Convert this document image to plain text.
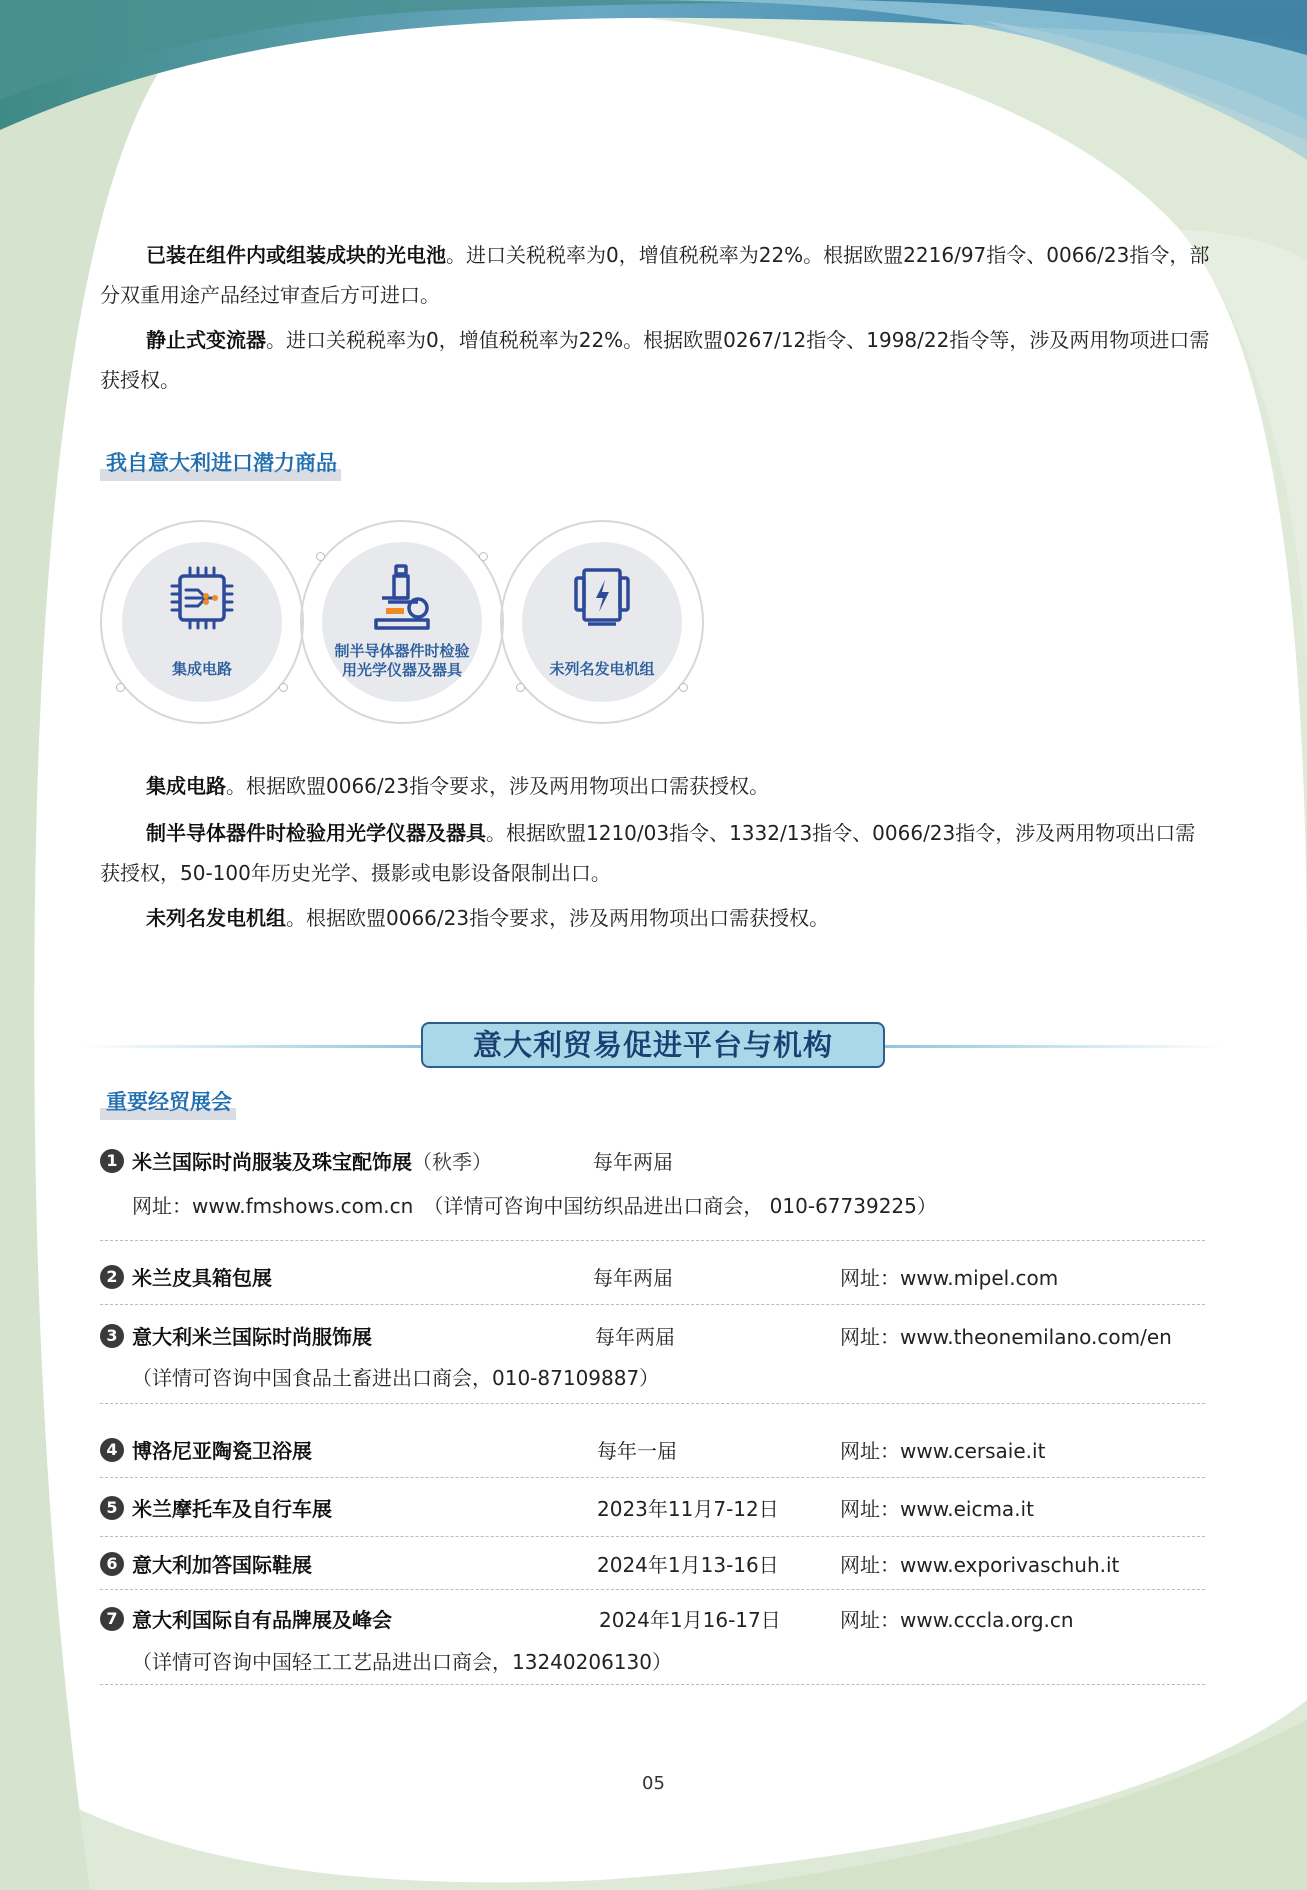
已装在组件内或组装成块的光电池。进口关税税率为0，增值税税率为22%。根据欧盟2216/97指令、0066/23指令，部分双重用途产品经过审查后方可进口。

静止式变流器。进口关税税率为0，增值税税率为22%。根据欧盟0267/12指令、1998/22指令等，涉及两用物项进口需获授权。

我自意大利进口潜力商品
集成电路
制半导体器件时检验用光学仪器及器具	未列名发电机组

集成电路。根据欧盟0066/23指令要求，涉及两用物项出口需获授权。

制半导体器件时检验用光学仪器及器具。根据欧盟1210/03指令、1332/13指令、0066/23指令，涉及两用物项出口需获授权，50-100年历史光学、摄影或电影设备限制出口。

未列名发电机组。根据欧盟0066/23指令要求，涉及两用物项出口需获授权。

意大利贸易促进平台与机构
重要经贸展会
1 米兰国际时尚服装及珠宝配饰展（秋季）	每年两届
网址：www.fmshows.com.cn　（详情可咨询中国纺织品进出口商会， 010-67739225）
2 米兰皮具箱包展	每年两届	网址：www.mipel.com
3 意大利米兰国际时尚服饰展	每年两届	网址：www.theonemilano.com/en
（详情可咨询中国食品土畜进出口商会，010-87109887）
4 博洛尼亚陶瓷卫浴展	每年一届	网址：www.cersaie.it
5 米兰摩托车及自行车展	2023年11月7-12日	网址：www.eicma.it
6 意大利加答国际鞋展	2024年1月13-16日	网址：www.exporivaschuh.it
7 意大利国际自有品牌展及峰会	2024年1月16-17日	网址：www.cccla.org.cn
（详情可咨询中国轻工工艺品进出口商会，13240206130）
05
